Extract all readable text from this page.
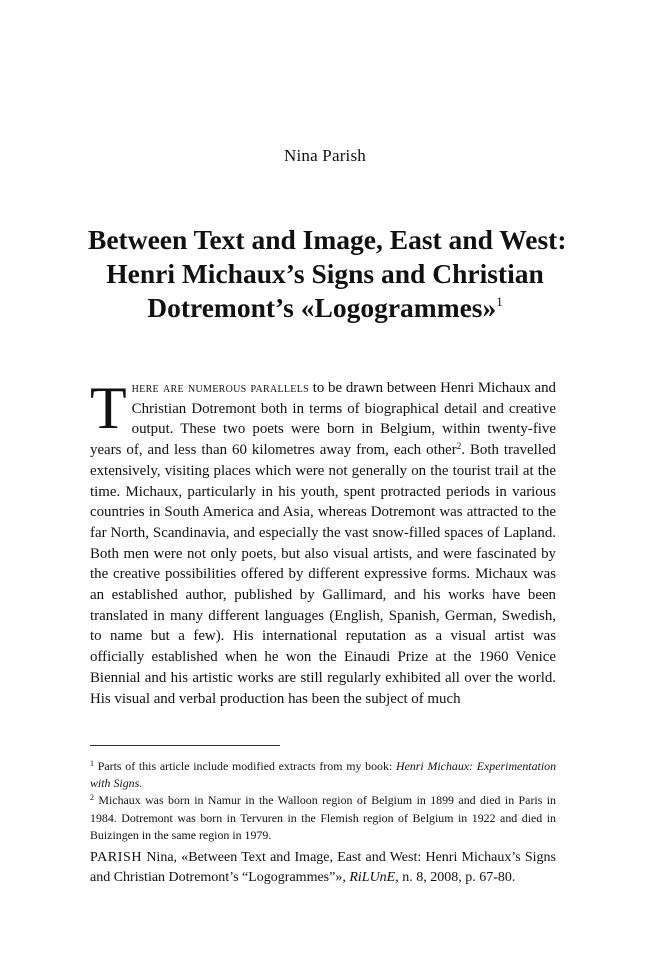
Nina Parish
Between Text and Image, East and West:
Henri Michaux’s Signs and Christian
Dotremont’s «Logogrammes»$^1$
There are numerous parallels to be drawn between Henri Michaux and Christian Dotremont both in terms of biographical detail and creative output. These two poets were born in Belgium, within twenty-five years of, and less than 60 kilometres away from, each other$^2$. Both travelled extensively, visiting places which were not generally on the tourist trail at the time. Michaux, particularly in his youth, spent protracted periods in various countries in South America and Asia, whereas Dotremont was attracted to the far North, Scandinavia, and especially the vast snow-filled spaces of Lapland. Both men were not only poets, but also visual artists, and were fascinated by the creative possibilities offered by different expressive forms. Michaux was an established author, published by Gallimard, and his works have been translated in many different languages (English, Spanish, German, Swedish, to name but a few). His international reputation as a visual artist was officially established when he won the Einaudi Prize at the 1960 Venice Biennial and his artistic works are still regularly exhibited all over the world. His visual and verbal production has been the subject of much

$^1$ Parts of this article include modified extracts from my book: Henri Michaux: Experimentation with Signs.

$^2$ Michaux was born in Namur in the Walloon region of Belgium in 1899 and died in Paris in 1984. Dotremont was born in Tervuren in the Flemish region of Belgium in 1922 and died in Buizingen in the same region in 1979.

PARISH Nina, «Between Text and Image, East and West: Henri Michaux’s Signs and Christian Dotremont’s “Logogrammes”», RiLUnE, n. 8, 2008, p. 67-80.
